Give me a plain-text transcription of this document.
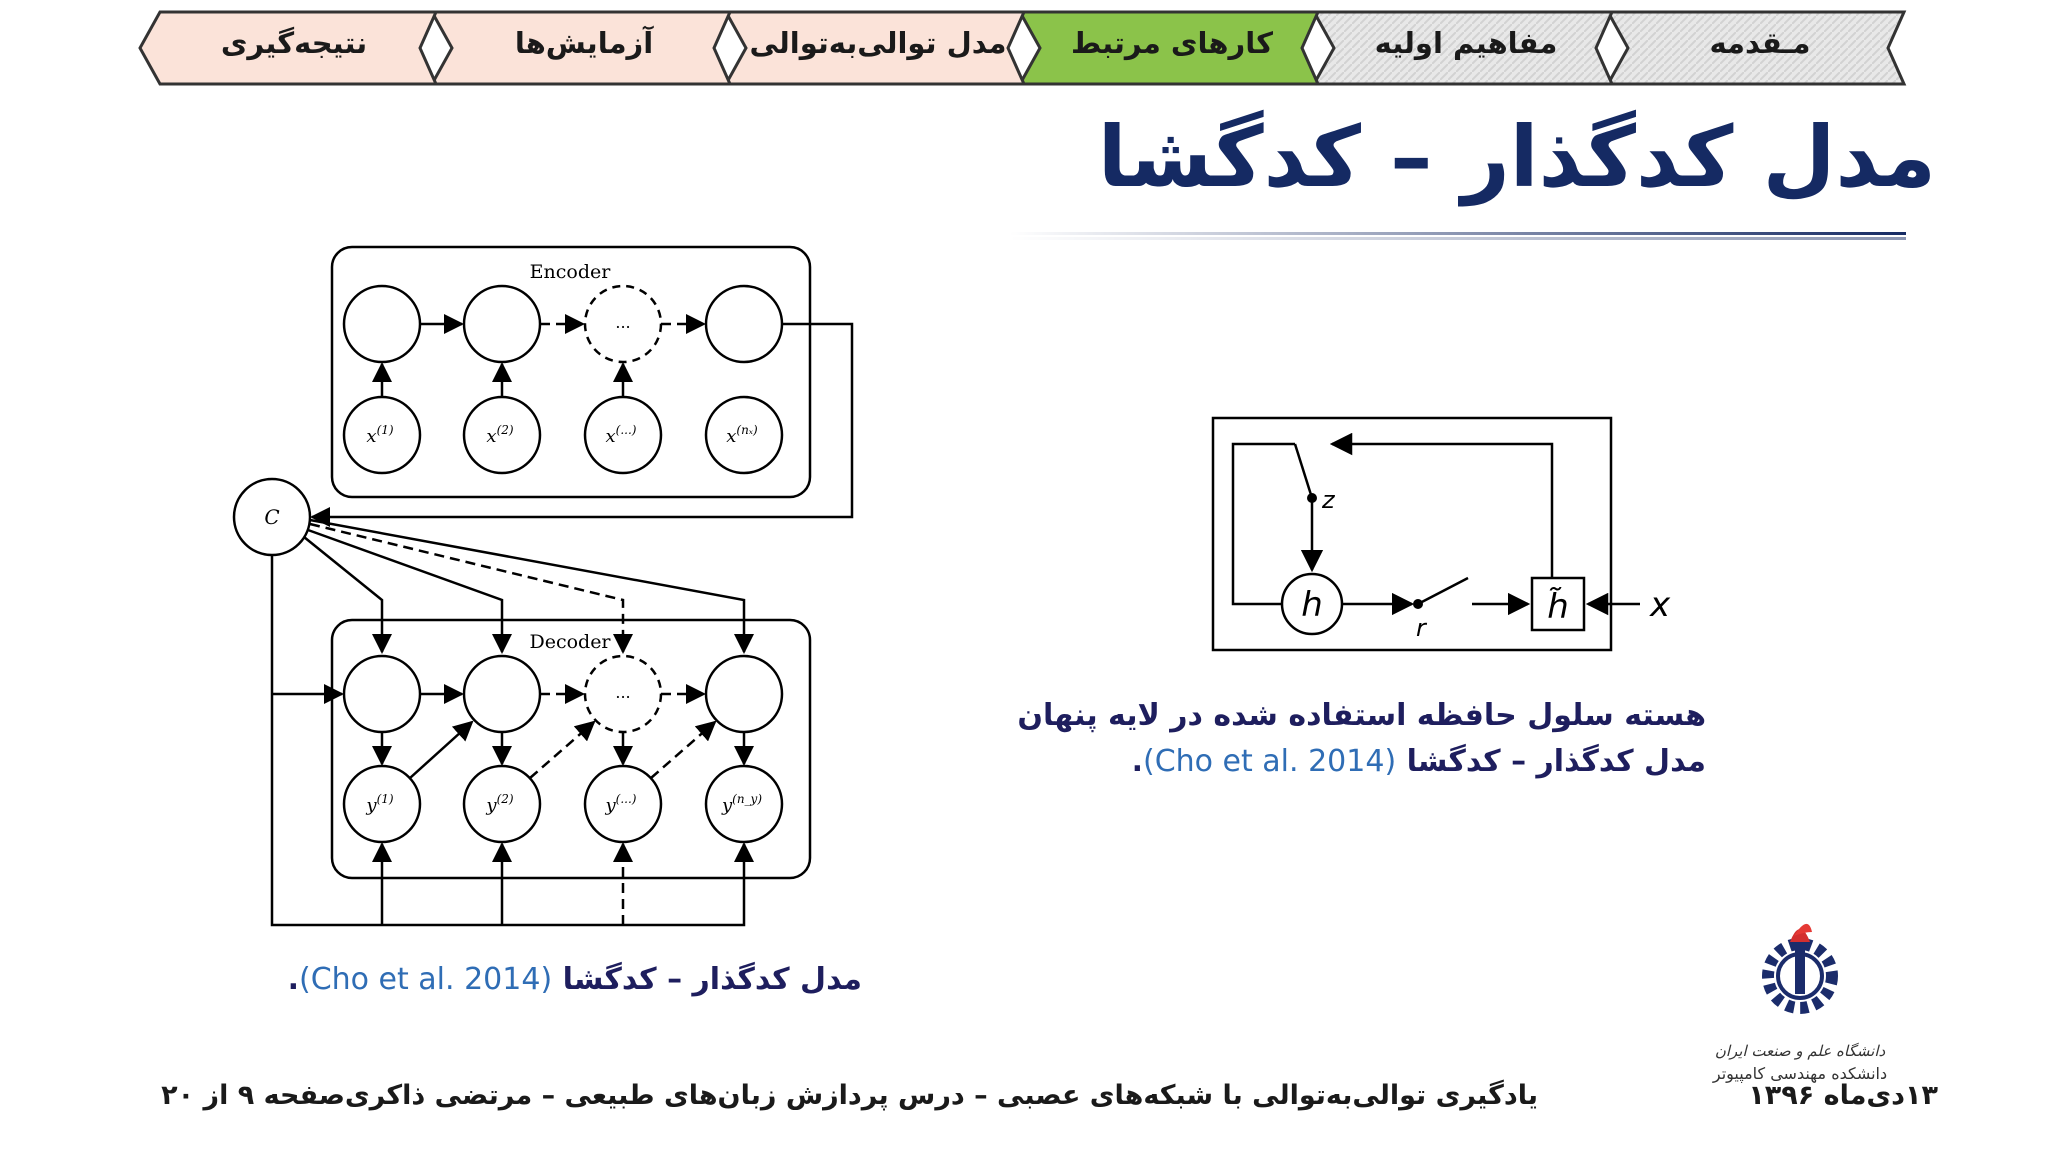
مـقدمه
مفاهیم اولیه
کارهای مرتبط
مدل توالی‌به‌توالی
آزمایش‌ها
نتیجه‌گیری
مدل کدگذار – کدگشا
Encoder
Decoder
C
...
...
$x^{(1)}$	$x^{(2)}$	x(...)	$x^{(n_x)}$
$y^{(1)}$	$y^{(2)}$	y(...)	$y^{(n\_y)}$
مدل کدگذار – کدگشا (Cho et al. 2014).
z
r
h	h̃ x
هسته سلول حافظه استفاده شده در لایه پنهان
مدل کدگذار – کدگشا (Cho et al. 2014).
دانشگاه علم و صنعت ایران
دانشکده مهندسی کامپیوتر
۱۳دی‌ماه ۱۳۹۶
یادگیری توالی‌به‌توالی با شبکه‌های عصبی – درس پردازش زبان‌های طبیعی – مرتضی ذاکری
صفحه ۹ از ۲۰
